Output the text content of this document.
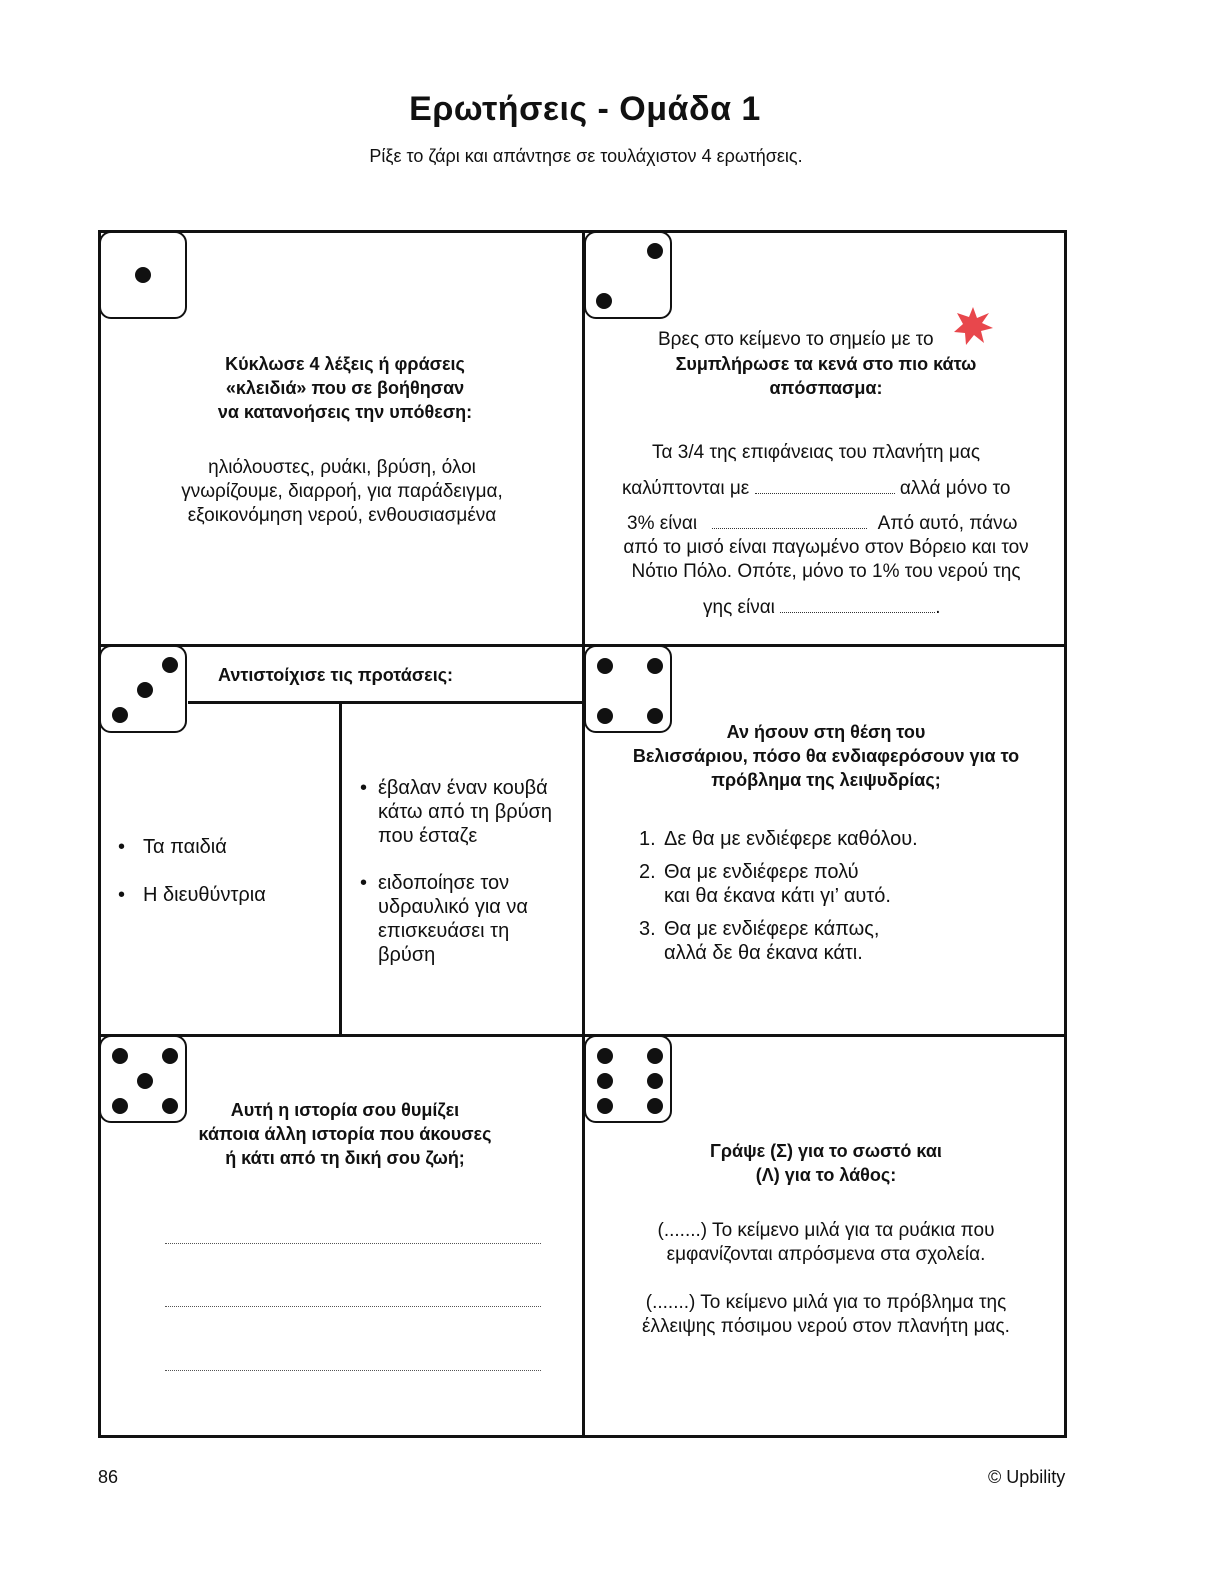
Ερωτήσεις - Ομάδα 1
Ρίξε το ζάρι και απάντησε σε τουλάχιστον 4 ερωτήσεις.
Κύκλωσε 4 λέξεις ή φράσεις
«κλειδιά» που σε βοήθησαν
να κατανοήσεις την υπόθεση:
ηλιόλουστες, ρυάκι, βρύση, όλοι
γνωρίζουμε, διαρροή, για παράδειγμα,
εξοικονόμηση νερού, ενθουσιασμένα
Βρες στο κείμενο το σημείο με το
Συμπλήρωσε τα κενά στο πιο κάτω
απόσπασμα:
Τα 3/4 της επιφάνειας του πλανήτη μας
καλύπτονται με	αλλά μόνο το
3% είναι	Από αυτό, πάνω
από το μισό είναι παγωμένο στον Βόρειο και τον
Νότιο Πόλο. Οπότε, μόνο το 1% του νερού της
γης είναι	.
Αντιστοίχισε τις προτάσεις:
• Τα παιδιά
• Η διευθύντρια
• έβαλαν έναν κουβά
κάτω από τη βρύση
που έσταζε
• ειδοποίησε τον
υδραυλικό για να
επισκευάσει τη
βρύση
Αν ήσουν στη θέση του
Βελισσάριου, πόσο θα ενδιαφερόσουν για το
πρόβλημα της λειψυδρίας;
1. Δε θα με ενδιέφερε καθόλου.
2. Θα με ενδιέφερε πολύ
και θα έκανα κάτι γι’ αυτό.
3. Θα με ενδιέφερε κάπως,
αλλά δε θα έκανα κάτι.
Αυτή η ιστορία σου θυμίζει
κάποια άλλη ιστορία που άκουσες
ή κάτι από τη δική σου ζωή;	Γράψε (Σ) για το σωστό και
(Λ) για το λάθος:
(.......) Το κείμενο μιλά για τα ρυάκια που
εμφανίζονται απρόσμενα στα σχολεία.
(.......) Το κείμενο μιλά για το πρόβλημα της
έλλειψης πόσιμου νερού στον πλανήτη μας.
86	© Upbility
